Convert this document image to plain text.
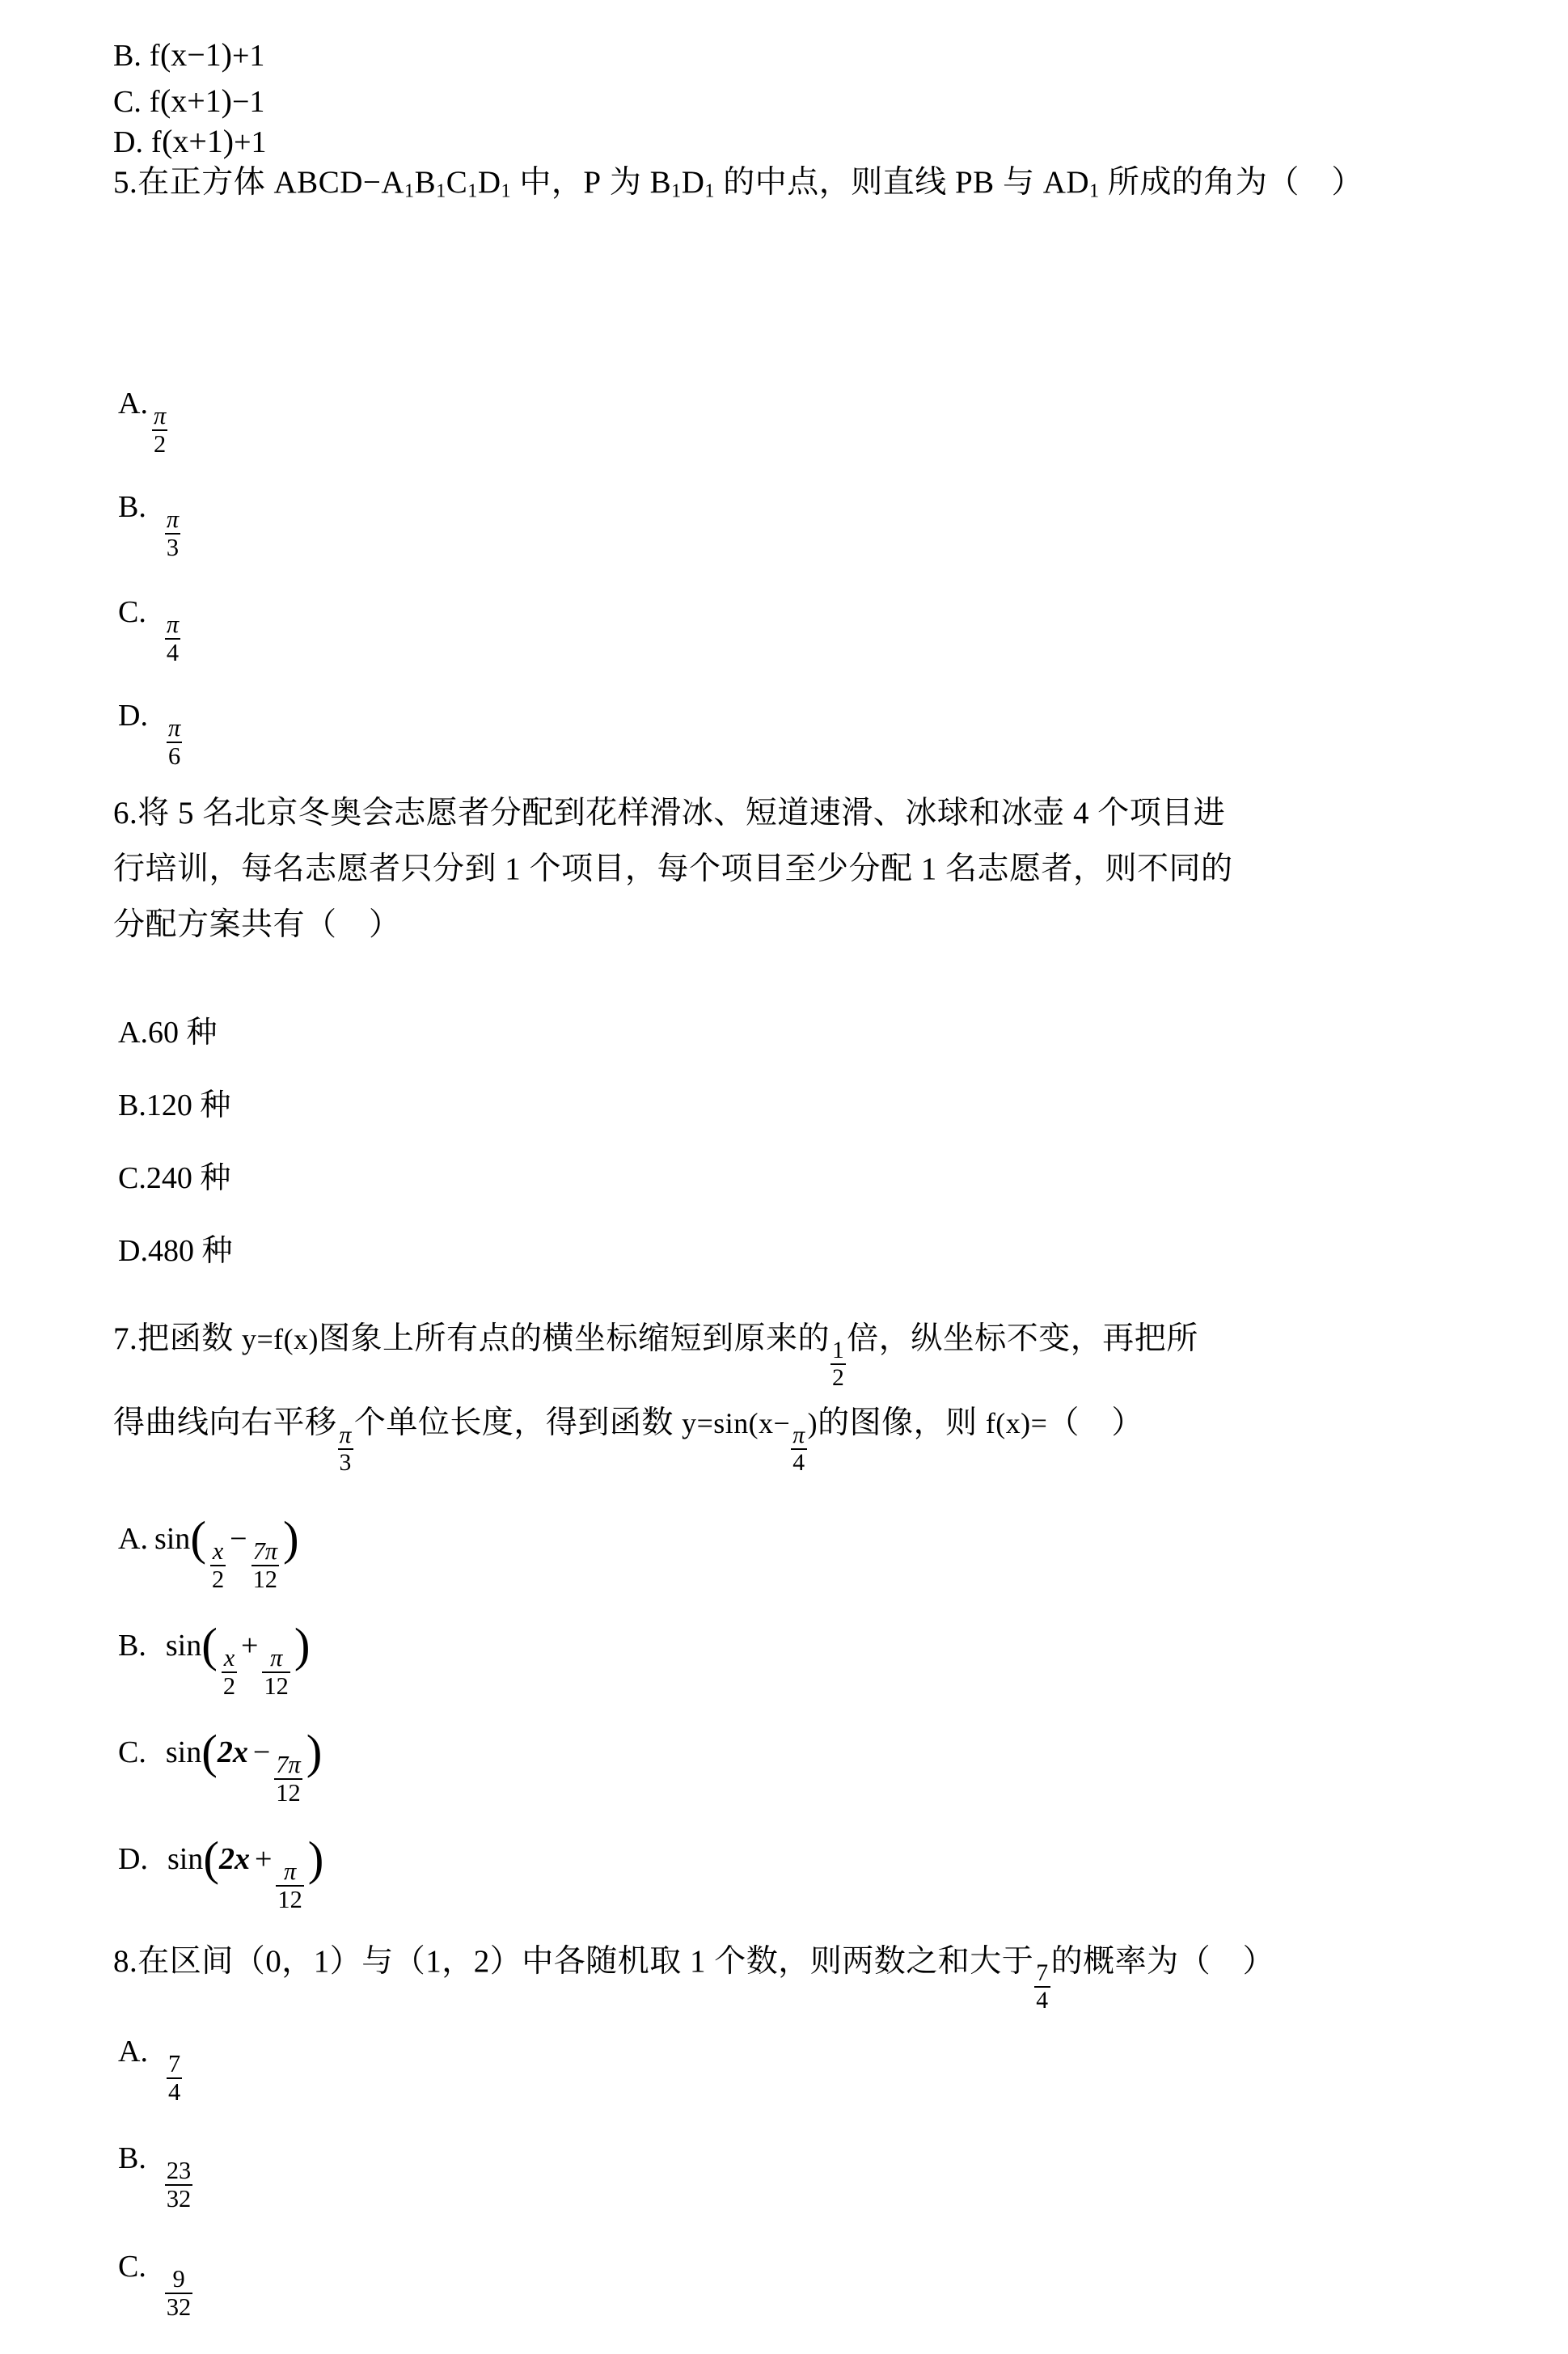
B. f (x−1) +1
C. f (x+1) −1
D. f (x+1) +1
5. 在正方体 $ABCD-A_1B_1C_1D_1$ 中， P 为 $B_1D_1$ 的中点，则直线 PB 与 $AD_1$ 所成的角为（　）
A. $\frac{\pi}{2}$
B. $\frac{\pi}{3}$
C. $\frac{\pi}{4}$
D. $\frac{\pi}{6}$
6. 将 5 名北京冬奥会志愿者分配到花样滑冰、短道速滑、冰球和冰壶 4 个项目进
行培训，每名志愿者只分到 1 个项目，每个项目至少分配 1 名志愿者，则不同的
分配方案共有（　）
A. 60 种
B. 120 种
C. 240 种
D. 480 种
7. 把函数 y=f(x) 图象上所有点的横坐标缩短到原来的 $\frac{1}{2}$ 倍，纵坐标不变，再把所
得曲线向右平移 $\frac{\pi}{3}$ 个单位长度，得到函数 $y=\sin(x- \frac{\pi}{4}$ ) 的图像，则 f(x)= （　）
A. sin (
$\frac{x}{2} - \frac{7\pi}{12}$
)
B. sin (
$\frac{x}{2} + \frac{\pi}{12}$
)
C. sin ( $2x - \frac{7\pi}{12}$
)
D. sin ( $2x + \frac{\pi}{12}$
)
8. 在区间（0，1）与（1，2）中各随机取 1 个数，则两数之和大于 $\frac{7}{4}$ 的概率为（　）
A. $\frac{7}{4}$
B. $\frac{23}{32}$
C. $\frac{9}{32}$
